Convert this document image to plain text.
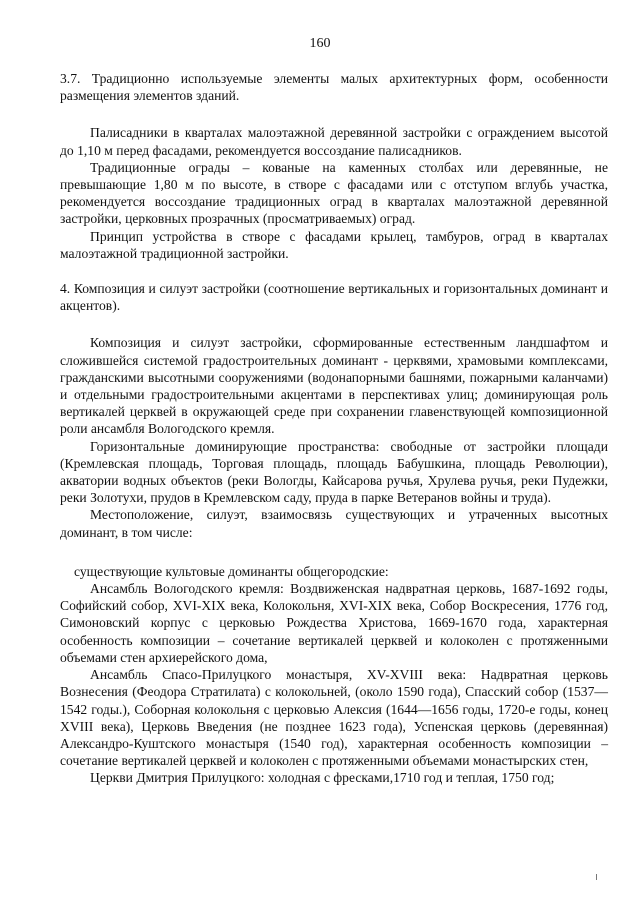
160

3.7. Традиционно используемые элементы малых архитектурных форм, особенности размещения элементов зданий.

Палисадники в кварталах малоэтажной деревянной застройки с ограждением высотой до 1,10 м перед фасадами, рекомендуется воссоздание палисадников.

Традиционные ограды – кованые на каменных столбах или деревянные, не превышающие 1,80 м по высоте, в створе с фасадами или с отступом вглубь участка, рекомендуется воссоздание традиционных оград в кварталах малоэтажной деревянной застройки, церковных прозрачных (просматриваемых) оград.

Принцип устройства в створе с фасадами крылец, тамбуров, оград в кварталах малоэтажной традиционной застройки.

4. Композиция и силуэт застройки (соотношение вертикальных и горизонтальных доминант и акцентов).

Композиция и силуэт застройки, сформированные естественным ландшафтом и сложившейся системой градостроительных доминант - церквями, храмовыми комплексами, гражданскими высотными сооружениями (водонапорными башнями, пожарными каланчами) и отдельными градостроительными акцентами в перспективах улиц; доминирующая роль вертикалей церквей в окружающей среде при сохранении главенствующей композиционной роли ансамбля Вологодского кремля.

Горизонтальные доминирующие пространства: свободные от застройки площади (Кремлевская площадь, Торговая площадь, площадь Бабушкина, площадь Революции), акватории водных объектов (реки Вологды, Кайсарова ручья, Хрулева ручья, реки Пудежки, реки Золотухи, прудов в Кремлевском саду, пруда в парке Ветеранов войны и труда).

Местоположение, силуэт, взаимосвязь существующих и утраченных высотных доминант, в том числе:

существующие культовые доминанты общегородские:

Ансамбль Вологодского кремля: Воздвиженская надвратная церковь, 1687-1692 годы, Софийский собор, XVI-XIX века, Колокольня, XVI-XIX века, Собор Воскресения, 1776 год, Симоновский корпус с церковью Рождества Христова, 1669-1670 года, характерная особенность композиции – сочетание вертикалей церквей и колоколен с протяженными объемами стен архиерейского дома,

Ансамбль Спасо-Прилуцкого монастыря, XV-XVIII века: Надвратная церковь Вознесения (Феодора Стратилата) с колокольней, (около 1590 года), Спасский собор (1537—1542 годы.), Соборная колокольня с церковью Алексия (1644—1656 годы, 1720-е годы, конец XVIII века), Церковь Введения (не позднее 1623 года), Успенская церковь (деревянная) Александро-Куштского монастыря (1540 год), характерная особенность композиции – сочетание вертикалей церквей и колоколен с протяженными объемами монастырских стен,

Церкви Дмитрия Прилуцкого: холодная с фресками,1710 год и теплая, 1750 год;
